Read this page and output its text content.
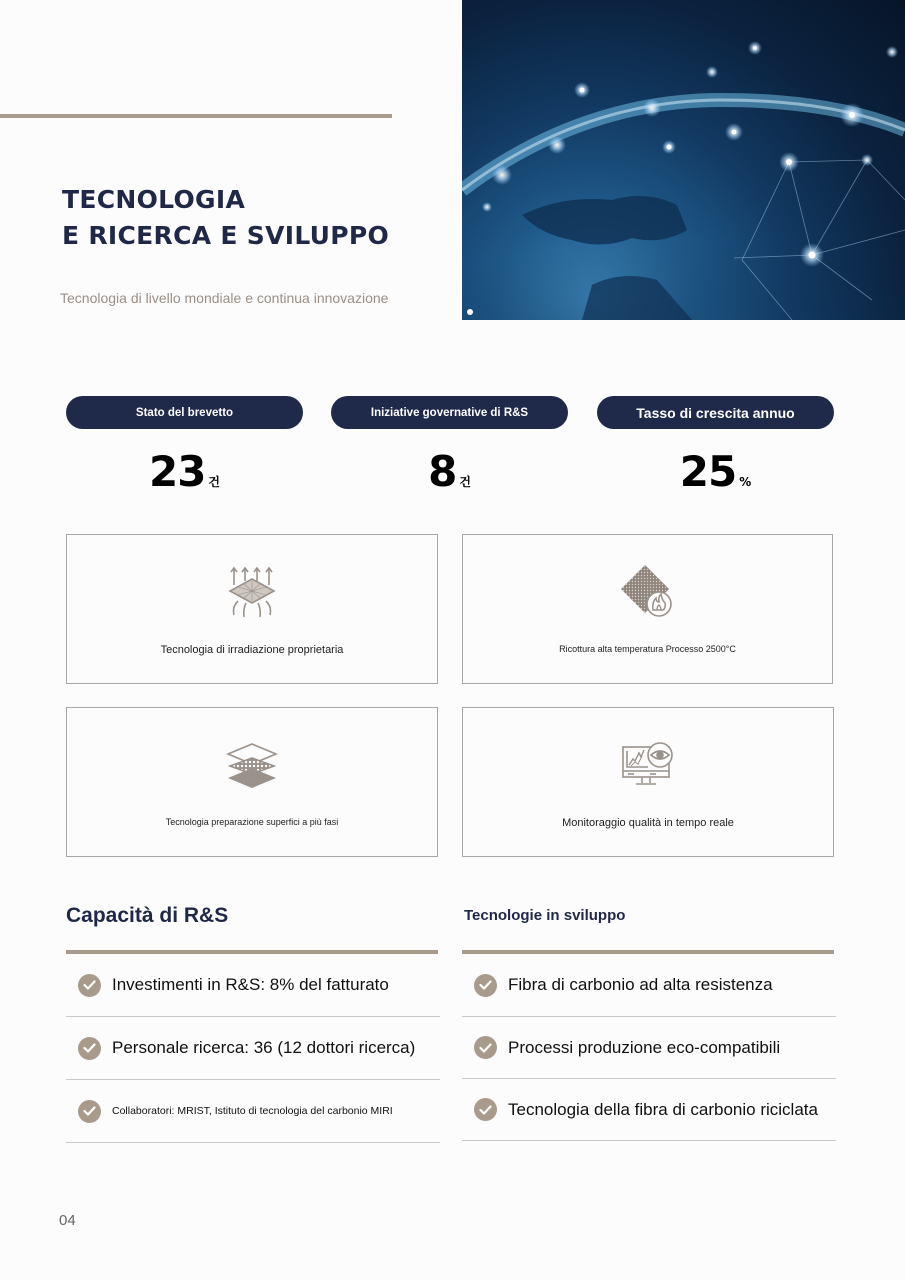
TECNOLOGIA
E RICERCA E SVILUPPO

Tecnologia di livello mondiale e continua innovazione

Stato del brevetto
23 건
Iniziative governative di R&S
8 건
Tasso di crescita annuo
25 %
Tecnologia di irradiazione proprietaria	Ricottura alta temperatura Processo 2500°C
Tecnologia preparazione superfici a più fasi	Monitoraggio qualità in tempo reale
Capacità di R&S
Investimenti in R&S: 8% del fatturato
Personale ricerca: 36 (12 dottori ricerca)
Collaboratori: MRIST, Istituto di tecnologia del carbonio MIRI
Tecnologie in sviluppo
Fibra di carbonio ad alta resistenza
Processi produzione eco-compatibili
Tecnologia della fibra di carbonio riciclata
04
